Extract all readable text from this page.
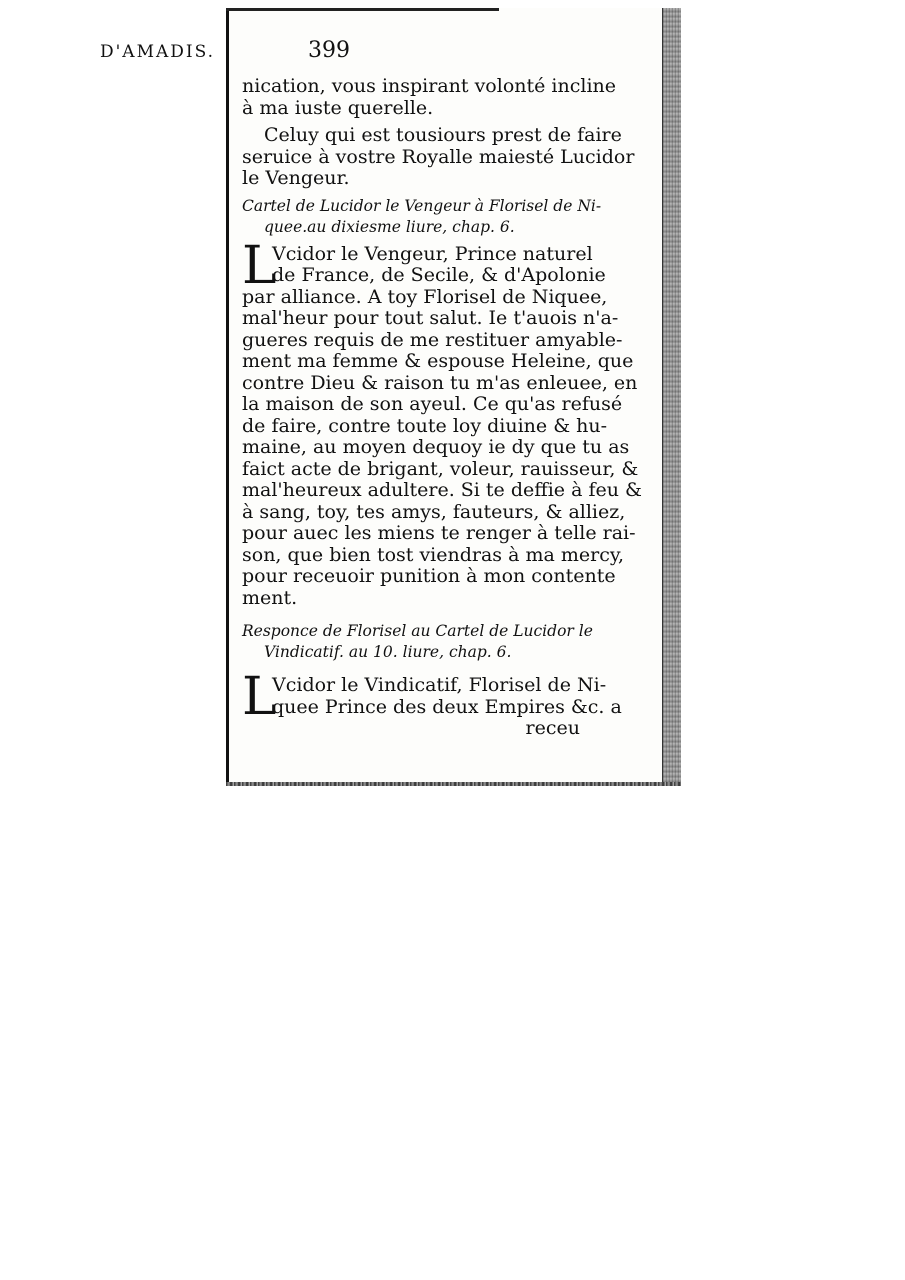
D'AMADIS.	399
nication, vous inspirant volonté incline
à ma iuste querelle.
Celuy qui est tousiours prest de faire
seruice à vostre Royalle maiesté Lucidor
le Vengeur.
Cartel de Lucidor le Vengeur à Florisel de Ni-
quee.au dixiesme liure, chap. 6.
L
Vcidor le Vengeur, Prince naturel
de France, de Secile, & d'Apolonie
par alliance. A toy Florisel de Niquee,
mal'heur pour tout salut. Ie t'auois n'a-
gueres requis de me restituer amyable-
ment ma femme & espouse Heleine, que
contre Dieu & raison tu m'as enleuee, en
la maison de son ayeul. Ce qu'as refusé
de faire, contre toute loy diuine & hu-
maine, au moyen dequoy ie dy que tu as
faict acte de brigant, voleur, rauisseur, &
mal'heureux adultere. Si te deffie à feu &
à sang, toy, tes amys, fauteurs, & alliez,
pour auec les miens te renger à telle rai-
son, que bien tost viendras à ma mercy,
pour receuoir punition à mon contente
ment.
Responce de Florisel au Cartel de Lucidor le
Vindicatif. au 10. liure, chap. 6.
L
Vcidor le Vindicatif, Florisel de Ni-
quee Prince des deux Empires &c. a
receu
